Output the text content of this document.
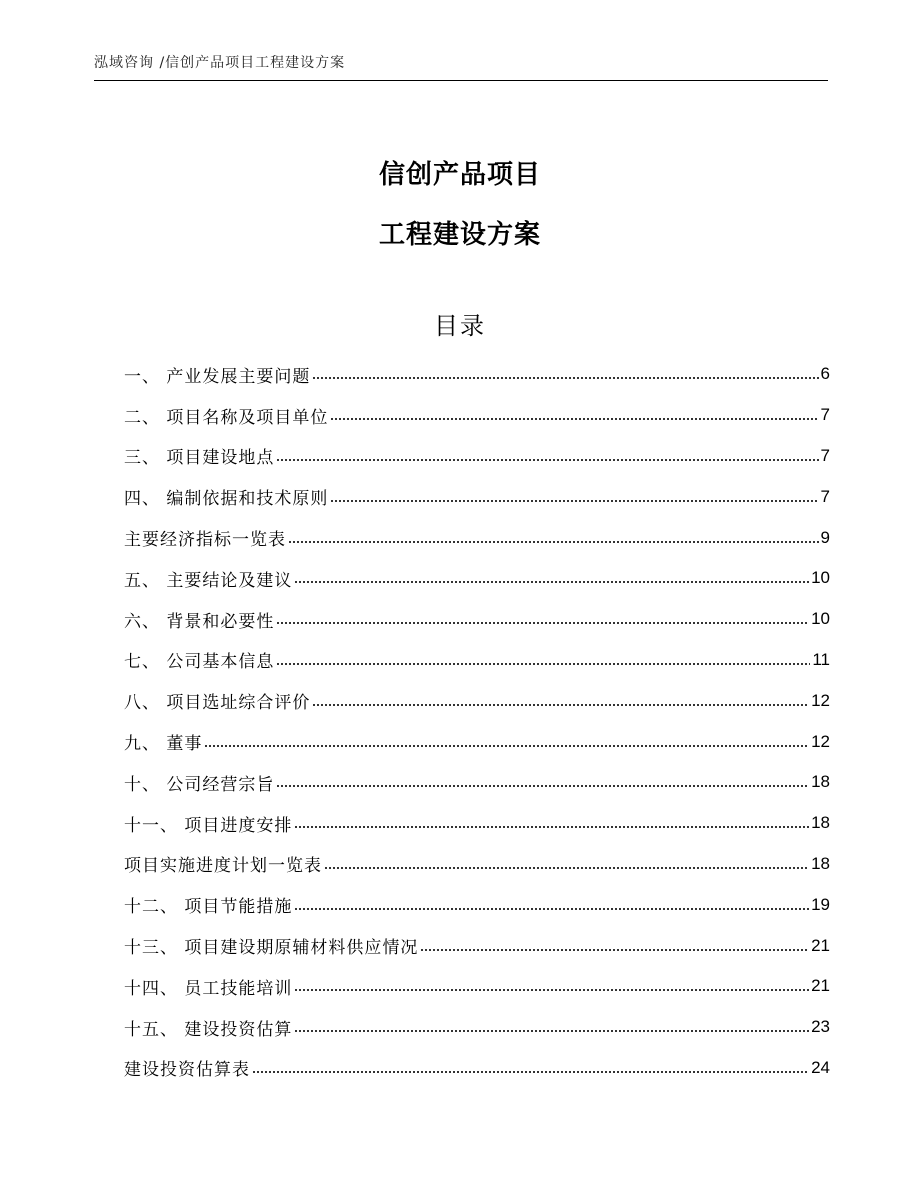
泓域咨询 /信创产品项目工程建设方案
信创产品项目
工程建设方案
目录
一、 产业发展主要问题	6
二、 项目名称及项目单位	7
三、 项目建设地点	7
四、 编制依据和技术原则	7
主要经济指标一览表	9
五、 主要结论及建议	10
六、 背景和必要性	10
七、 公司基本信息	11
八、 项目选址综合评价	12
九、 董事	12
十、 公司经营宗旨	18
十一、 项目进度安排	18
项目实施进度计划一览表	18
十二、 项目节能措施	19
十三、 项目建设期原辅材料供应情况	21
十四、 员工技能培训	21
十五、 建设投资估算	23
建设投资估算表	24
